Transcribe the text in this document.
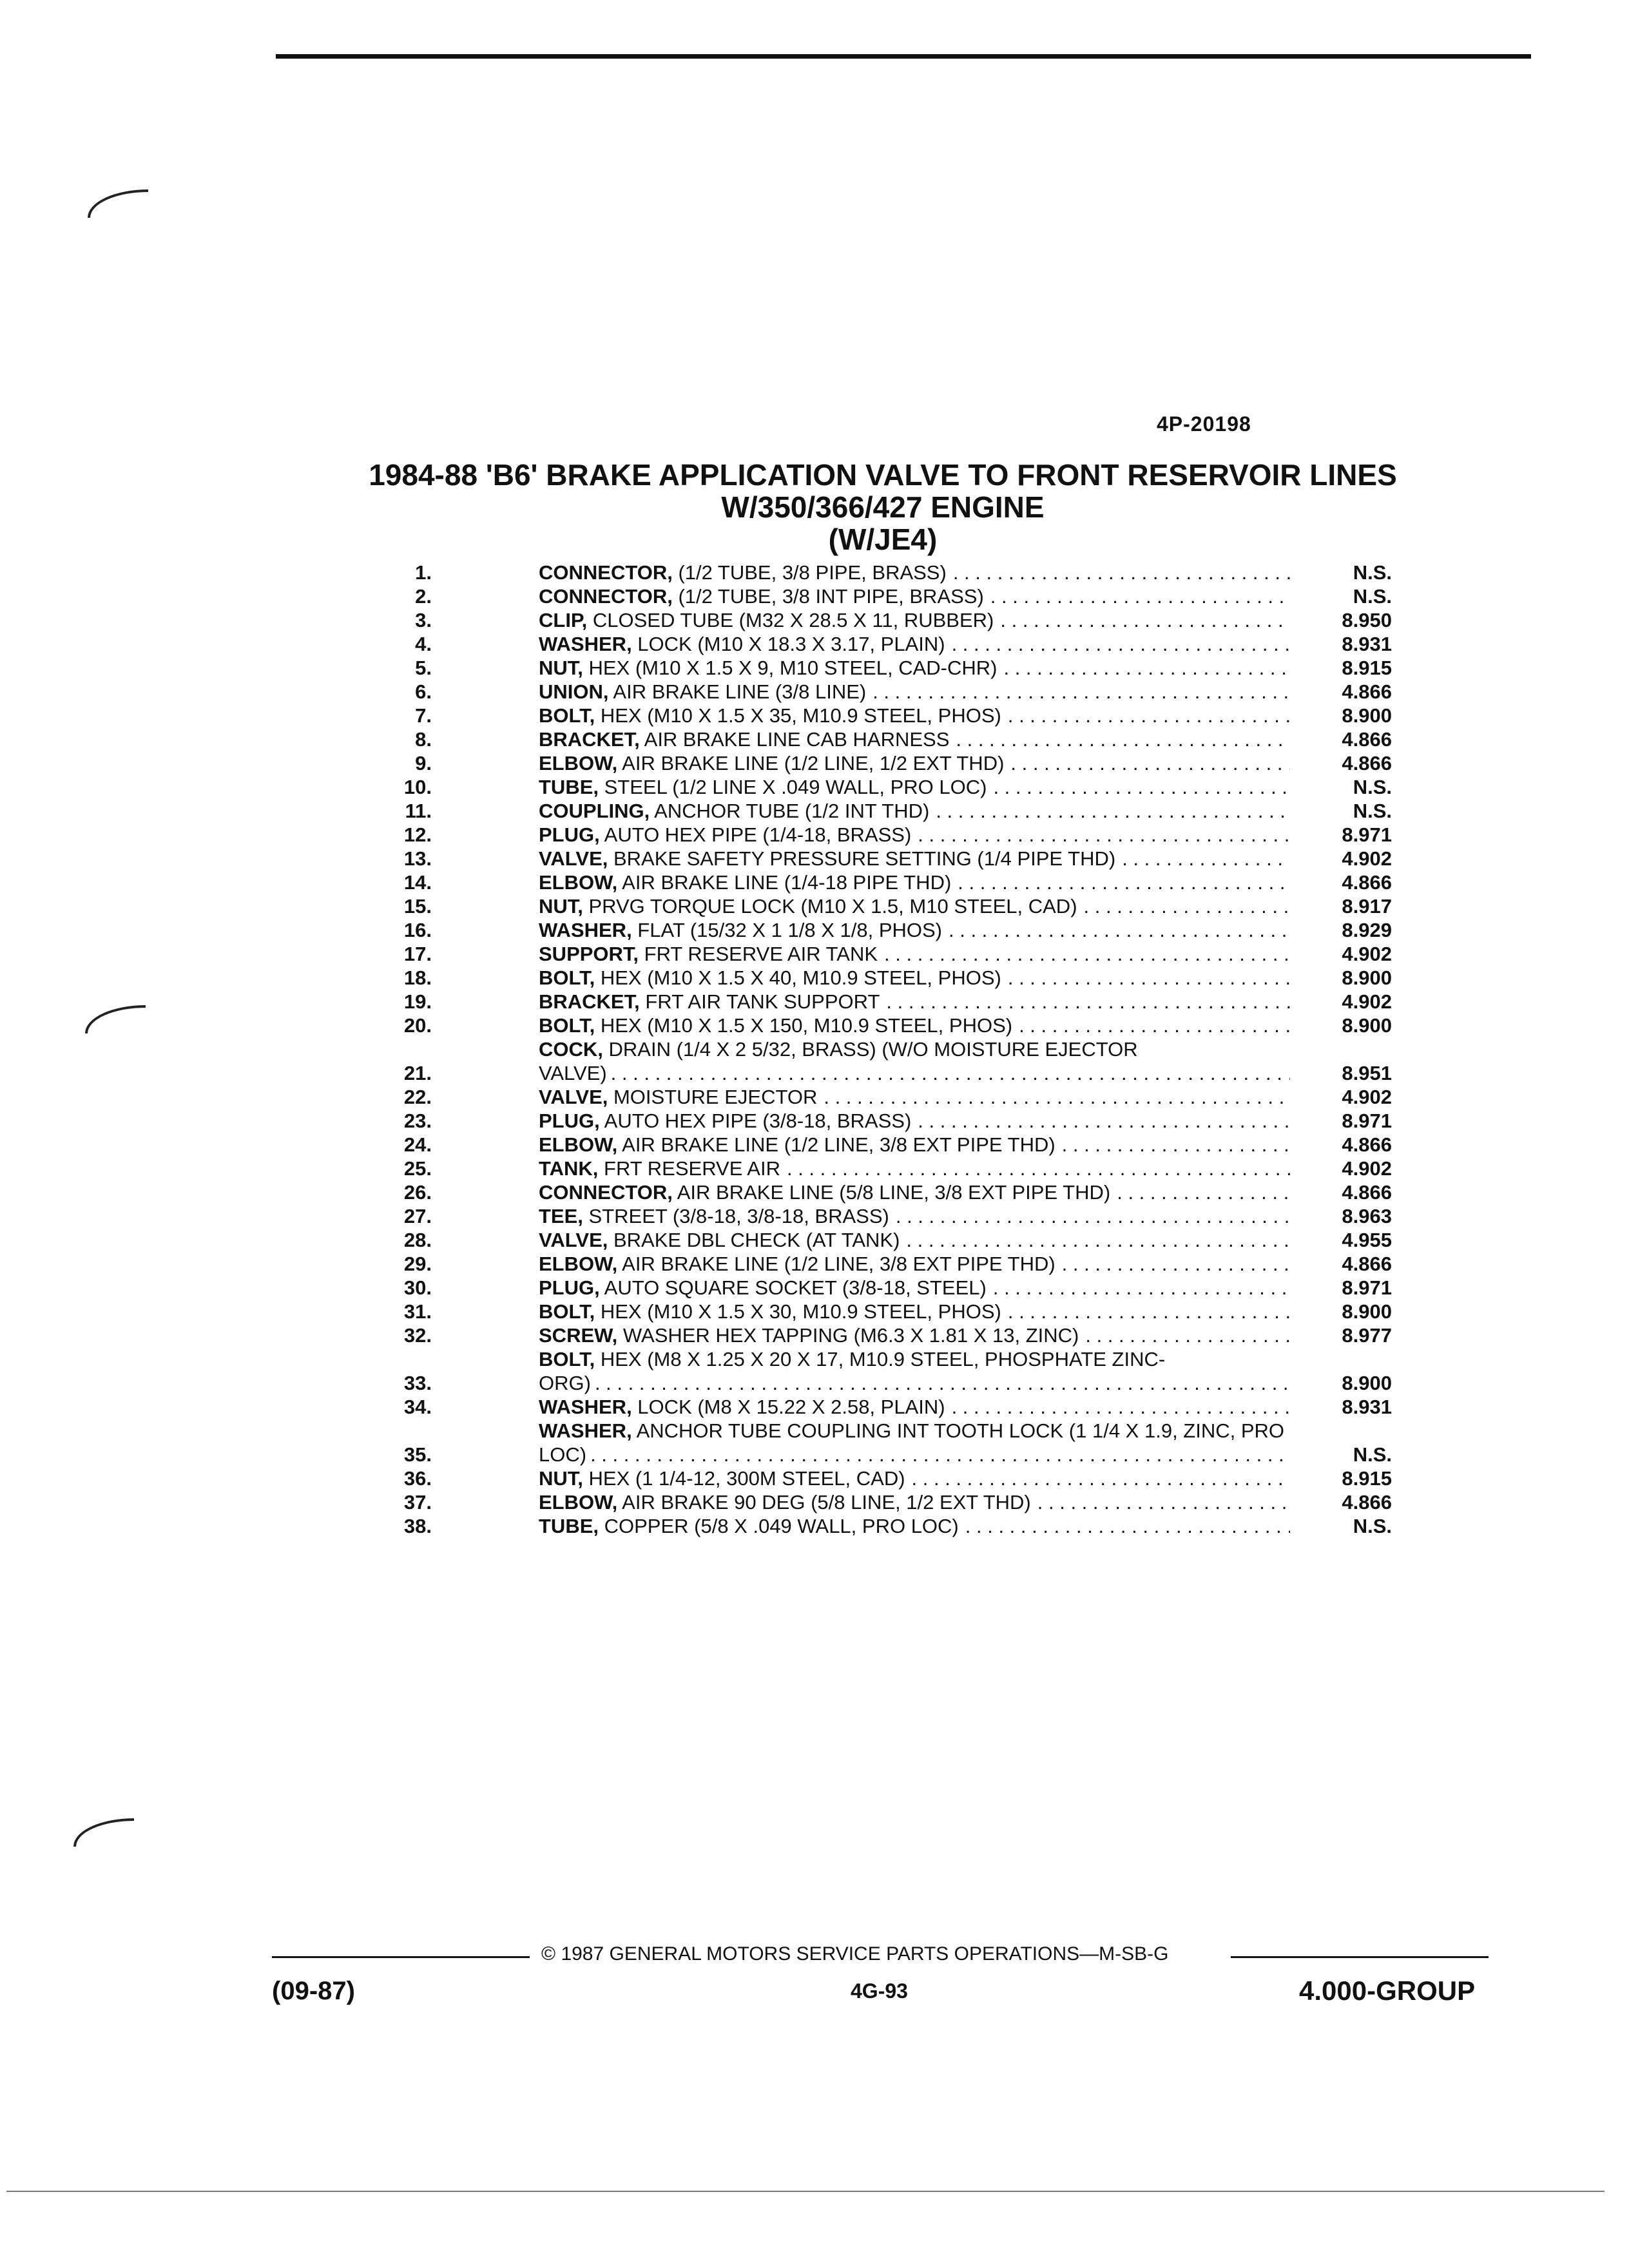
4P-20198
1984-88 'B6' BRAKE APPLICATION VALVE TO FRONT RESERVOIR LINES
W/350/366/427 ENGINE
(W/JE4)
1.	CONNECTOR, (1/2 TUBE, 3/8 PIPE, BRASS) . . .	N.S.
2.	CONNECTOR, (1/2 TUBE, 3/8 INT PIPE, BRASS) . . .	N.S.
3.	CLIP, CLOSED TUBE (M32 X 28.5 X 11, RUBBER) . . .	8.950
4.	WASHER, LOCK (M10 X 18.3 X 3.17, PLAIN) . . .	8.931
5.	NUT, HEX (M10 X 1.5 X 9, M10 STEEL, CAD-CHR) . . .	8.915
6.	UNION, AIR BRAKE LINE (3/8 LINE) . . .	4.866
7.	BOLT, HEX (M10 X 1.5 X 35, M10.9 STEEL, PHOS) . . .	8.900
8.	BRACKET, AIR BRAKE LINE CAB HARNESS . . .	4.866
9.	ELBOW, AIR BRAKE LINE (1/2 LINE, 1/2 EXT THD) . . .	4.866
10.	TUBE, STEEL (1/2 LINE X .049 WALL, PRO LOC) . . .	N.S.
11.	COUPLING, ANCHOR TUBE (1/2 INT THD) . . .	N.S.
12.	PLUG, AUTO HEX PIPE (1/4-18, BRASS) . . .	8.971
13.	VALVE, BRAKE SAFETY PRESSURE SETTING (1/4 PIPE THD) . . .	4.902
14.	ELBOW, AIR BRAKE LINE (1/4-18 PIPE THD) . . .	4.866
15.	NUT, PRVG TORQUE LOCK (M10 X 1.5, M10 STEEL, CAD) . . .	8.917
16.	WASHER, FLAT (15/32 X 1 1/8 X 1/8, PHOS) . . .	8.929
17.	SUPPORT, FRT RESERVE AIR TANK . . .	4.902
18.	BOLT, HEX (M10 X 1.5 X 40, M10.9 STEEL, PHOS) . . .	8.900
19.	BRACKET, FRT AIR TANK SUPPORT . . .	4.902
20.	BOLT, HEX (M10 X 1.5 X 150, M10.9 STEEL, PHOS) . . .	8.900
21.
COCK, DRAIN (1/4 X 2 5/32, BRASS) (W/O MOISTURE EJECTOR VALVE) . . .	8.951
22.	VALVE, MOISTURE EJECTOR . . .	4.902
23.	PLUG, AUTO HEX PIPE (3/8-18, BRASS) . . .	8.971
24.	ELBOW, AIR BRAKE LINE (1/2 LINE, 3/8 EXT PIPE THD) . . .	4.866
25.	TANK, FRT RESERVE AIR . . .	4.902
26.	CONNECTOR, AIR BRAKE LINE (5/8 LINE, 3/8 EXT PIPE THD) . . .	4.866
27.	TEE, STREET (3/8-18, 3/8-18, BRASS) . . .	8.963
28.	VALVE, BRAKE DBL CHECK (AT TANK) . . .	4.955
29.	ELBOW, AIR BRAKE LINE (1/2 LINE, 3/8 EXT PIPE THD) . . .	4.866
30.	PLUG, AUTO SQUARE SOCKET (3/8-18, STEEL) . . .	8.971
31.	BOLT, HEX (M10 X 1.5 X 30, M10.9 STEEL, PHOS) . . .	8.900
32.	SCREW, WASHER HEX TAPPING (M6.3 X 1.81 X 13, ZINC) . . .	8.977
33.
BOLT, HEX (M8 X 1.25 X 20 X 17, M10.9 STEEL, PHOSPHATE ZINC-ORG) . . .	8.900
34.	WASHER, LOCK (M8 X 15.22 X 2.58, PLAIN) . . .	8.931
35.
WASHER, ANCHOR TUBE COUPLING INT TOOTH LOCK (1 1/4 X 1.9, ZINC, PRO LOC) . . .	N.S.
36.	NUT, HEX (1 1/4-12, 300M STEEL, CAD) . . .	8.915
37.	ELBOW, AIR BRAKE 90 DEG (5/8 LINE, 1/2 EXT THD) . . .	4.866
38.	TUBE, COPPER (5/8 X .049 WALL, PRO LOC) . . .	N.S.
© 1987 GENERAL MOTORS SERVICE PARTS OPERATIONS—M-SB-G
(09-87)	4G-93	4.000-GROUP
